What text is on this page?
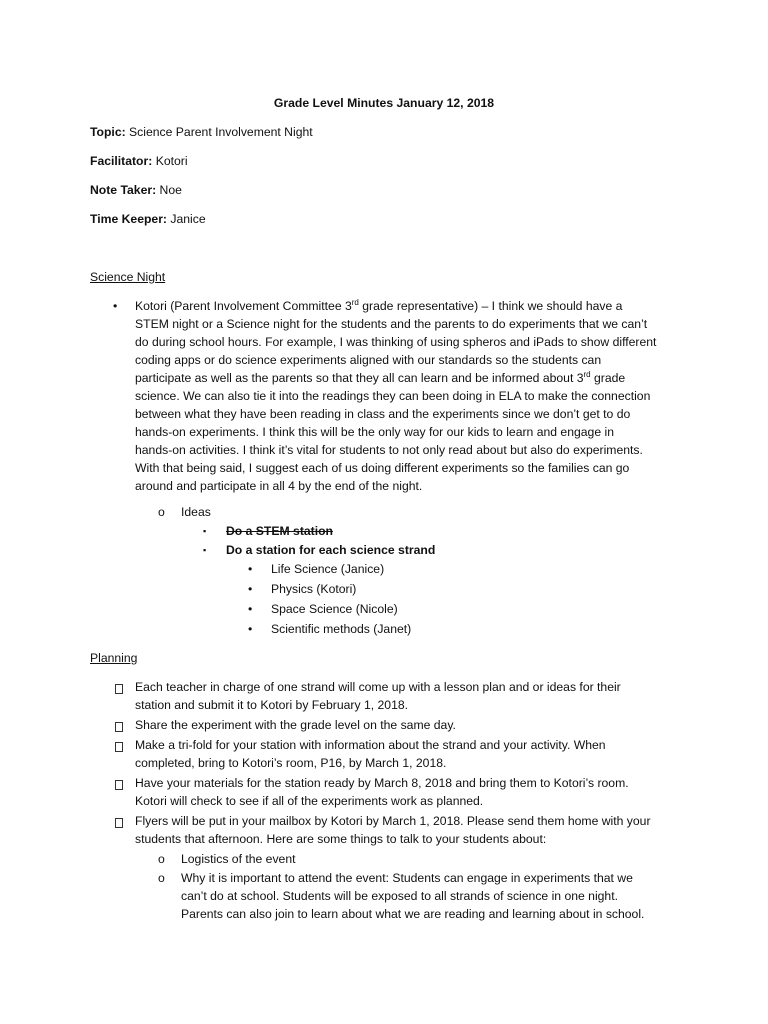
Grade Level Minutes January 12, 2018
Topic: Science Parent Involvement Night
Facilitator: Kotori
Note Taker: Noe
Time Keeper: Janice
Science Night
• Kotori (Parent Involvement Committee 3rd grade representative) – I think we should have a
STEM night or a Science night for the students and the parents to do experiments that we can’t
do during school hours. For example, I was thinking of using spheros and iPads to show different
coding apps or do science experiments aligned with our standards so the students can
participate as well as the parents so that they all can learn and be informed about 3rd grade
science. We can also tie it into the readings they can been doing in ELA to make the connection
between what they have been reading in class and the experiments since we don’t get to do
hands-on experiments. I think this will be the only way for our kids to learn and engage in
hands-on activities. I think it’s vital for students to not only read about but also do experiments.
With that being said, I suggest each of us doing different experiments so the families can go
around and participate in all 4 by the end of the night.
o Ideas
▪ Do a STEM station
▪ Do a station for each science strand
• Life Science (Janice)
• Physics (Kotori)
• Space Science (Nicole)
• Scientific methods (Janet)
Planning
Each teacher in charge of one strand will come up with a lesson plan and or ideas for their
station and submit it to Kotori by February 1, 2018.
Share the experiment with the grade level on the same day.
Make a tri-fold for your station with information about the strand and your activity. When
completed, bring to Kotori’s room, P16, by March 1, 2018.
Have your materials for the station ready by March 8, 2018 and bring them to Kotori’s room.
Kotori will check to see if all of the experiments work as planned.
Flyers will be put in your mailbox by Kotori by March 1, 2018. Please send them home with your
students that afternoon. Here are some things to talk to your students about:
o Logistics of the event
o Why it is important to attend the event: Students can engage in experiments that we
can’t do at school. Students will be exposed to all strands of science in one night.
Parents can also join to learn about what we are reading and learning about in school.
